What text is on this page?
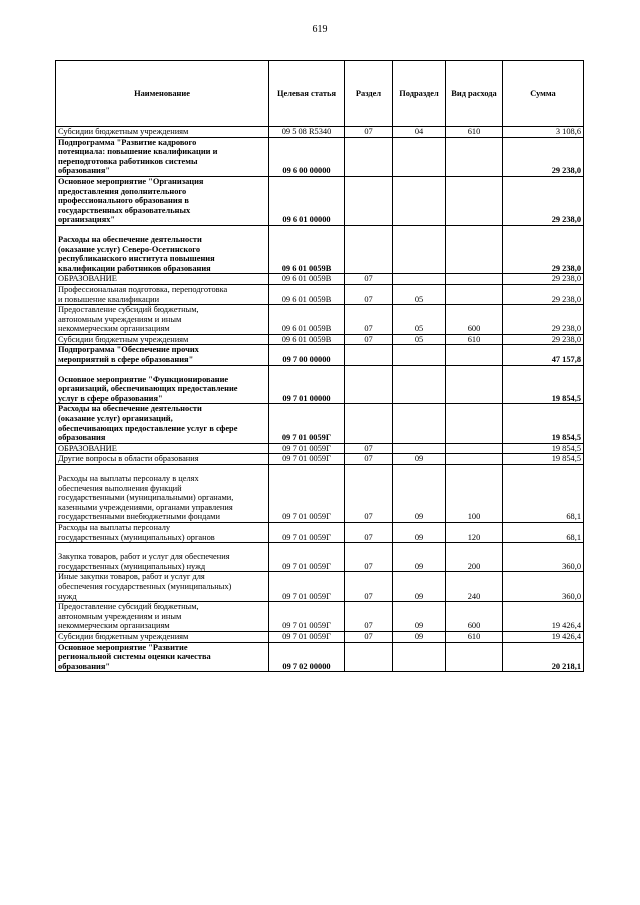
619
Наименование	Целевая статья	Раздел	Подраздел	Вид расхода	Сумма
Субсидии бюджетным учреждениям	09 5 08 R5340	07	04	610	3 108,6
Подпрограмма "Развитие кадрового
потенциала: повышение квалификации и
переподготовка работников системы
образования"	09 6 00 00000				29 238,0
Основное мероприятие "Организация
предоставления дополнительного
профессионального образования в
государственных образовательных
организациях"	09 6 01 00000				29 238,0
Расходы на обеспечение деятельности
(оказание услуг) Северо-Осетинского
республиканского института повышения
квалификации работников образования	09 6 01 0059В				29 238,0
ОБРАЗОВАНИЕ	09 6 01 0059В	07			29 238,0
Профессиональная подготовка, переподготовка
и повышение квалификации	09 6 01 0059В	07	05		29 238,0
Предоставление субсидий бюджетным,
автономным учреждениям и иным
некоммерческим организациям	09 6 01 0059В	07	05	600	29 238,0
Субсидии бюджетным учреждениям	09 6 01 0059В	07	05	610	29 238,0
Подпрограмма "Обеспечение прочих
мероприятий в сфере образования"	09 7 00 00000				47 157,8
Основное мероприятие "Функционирование
организаций, обеспечивающих предоставление
услуг в сфере образования"	09 7 01 00000				19 854,5
Расходы на обеспечение деятельности
(оказание услуг) организаций,
обеспечивающих предоставление услуг в сфере
образования	09 7 01 0059Г				19 854,5
ОБРАЗОВАНИЕ	09 7 01 0059Г	07			19 854,5
Другие вопросы в области образования	09 7 01 0059Г	07	09		19 854,5
Расходы на выплаты персоналу в целях
обеспечения выполнения функций
государственными (муниципальными) органами,
казенными учреждениями, органами управления
государственными внебюджетными фондами	09 7 01 0059Г	07	09	100	68,1
Расходы на выплаты персоналу
государственных (муниципальных) органов	09 7 01 0059Г	07	09	120	68,1
Закупка товаров, работ и услуг для обеспечения
государственных (муниципальных) нужд	09 7 01 0059Г	07	09	200	360,0
Иные закупки товаров, работ и услуг для
обеспечения государственных (муниципальных)
нужд	09 7 01 0059Г	07	09	240	360,0
Предоставление субсидий бюджетным,
автономным учреждениям и иным
некоммерческим организациям	09 7 01 0059Г	07	09	600	19 426,4
Субсидии бюджетным учреждениям	09 7 01 0059Г	07	09	610	19 426,4
Основное мероприятие "Развитие
региональной системы оценки качества
образования"	09 7 02 00000				20 218,1
